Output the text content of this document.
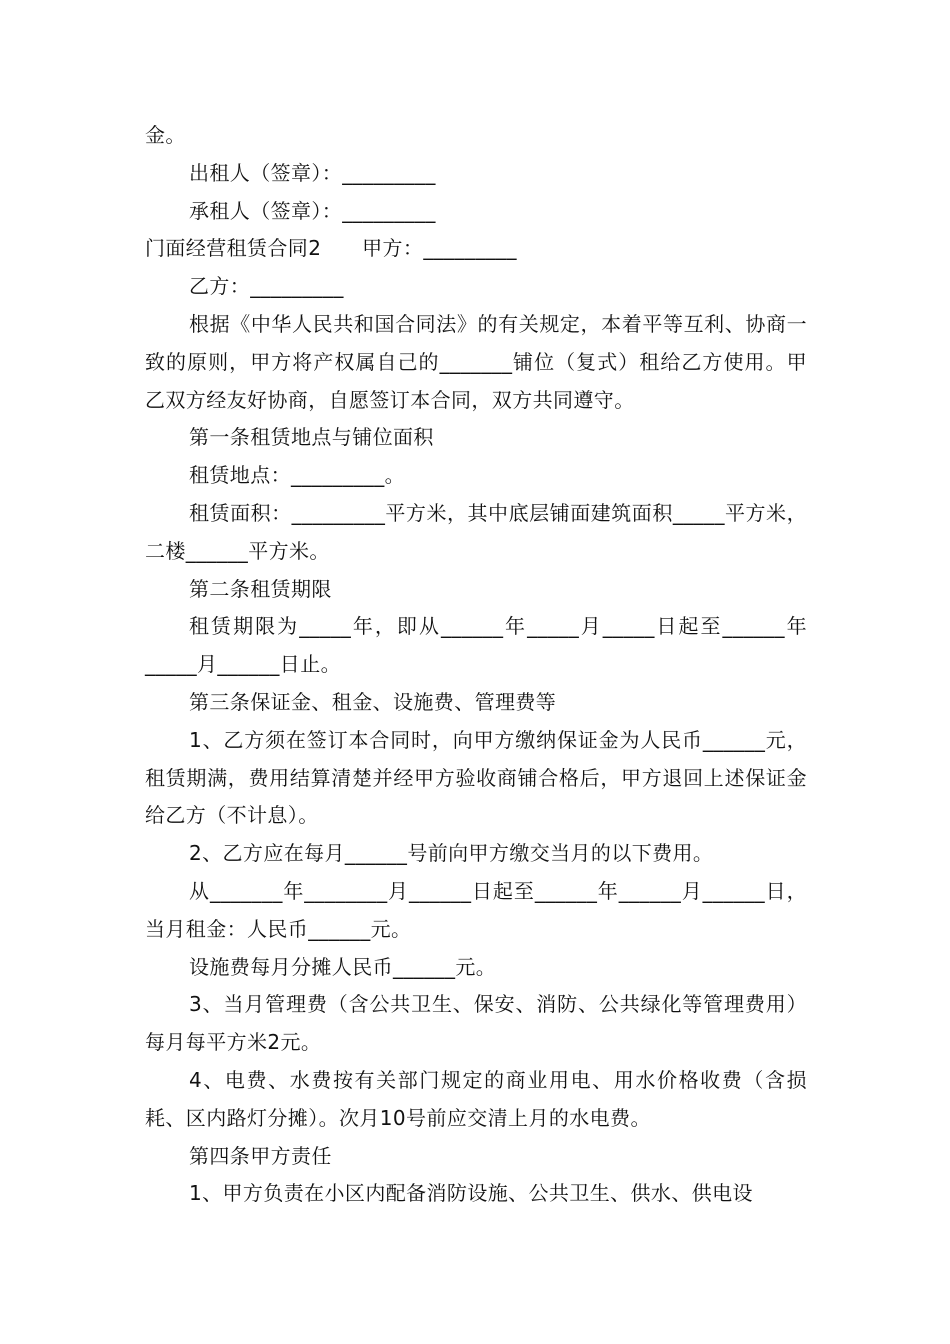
金。

出租人（签章）：_________

承租人（签章）：_________

门面经营租赁合同2　　甲方：_________

乙方：_________

根据《中华人民共和国合同法》的有关规定，本着平等互利、协商一致的原则，甲方将产权属自己的_______铺位（复式）租给乙方使用。甲乙双方经友好协商，自愿签订本合同，双方共同遵守。

第一条租赁地点与铺位面积

租赁地点：_________。

租赁面积：_________平方米，其中底层铺面建筑面积_____平方米，二楼______平方米。

第二条租赁期限

租赁期限为_____年，即从______年_____月_____日起至______年_____月______日止。

第三条保证金、租金、设施费、管理费等

1、乙方须在签订本合同时，向甲方缴纳保证金为人民币______元，租赁期满，费用结算清楚并经甲方验收商铺合格后，甲方退回上述保证金给乙方（不计息）。

2、乙方应在每月______号前向甲方缴交当月的以下费用。

从_______年________月______日起至______年______月______日，当月租金：人民币______元。

设施费每月分摊人民币______元。

3、当月管理费（含公共卫生、保安、消防、公共绿化等管理费用）每月每平方米2元。

4、电费、水费按有关部门规定的商业用电、用水价格收费（含损耗、区内路灯分摊）。次月10号前应交清上月的水电费。

第四条甲方责任

1、甲方负责在小区内配备消防设施、公共卫生、供水、供电设
